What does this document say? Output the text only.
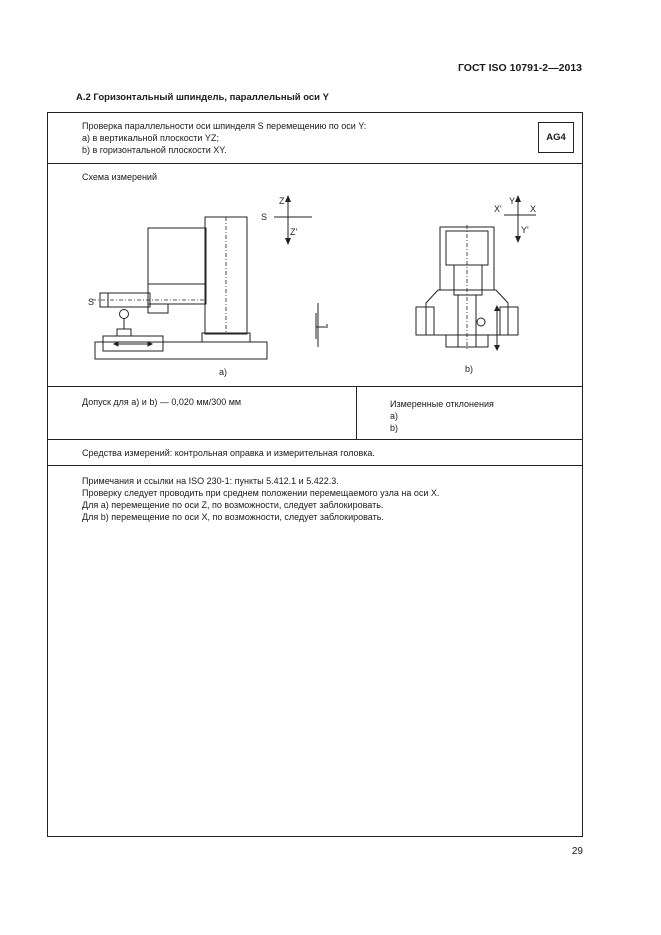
ГОСТ ISO 10791-2—2013
А.2 Горизонтальный шпиндель, параллельный оси Y
Проверка параллельности оси шпинделя S перемещению по оси Y:
a) в вертикальной плоскости YZ;
b) в горизонтальной плоскости XY.
AG4
Схема измерений
S
a)
Z
S
Z'
b)
Y
X'	X
Y'
Допуск для a) и b) — 0,020 мм/300 мм	Измеренные отклонения
a)
b)
Средства измерений: контрольная оправка и измерительная головка.
Примечания и ссылки на ISO 230-1: пункты 5.412.1 и 5.422.3.
Проверку следует проводить при среднем положении перемещаемого узла на оси X.
Для a) перемещение по оси Z, по возможности, следует заблокировать.
Для b) перемещение по оси X, по возможности, следует заблокировать.
29
